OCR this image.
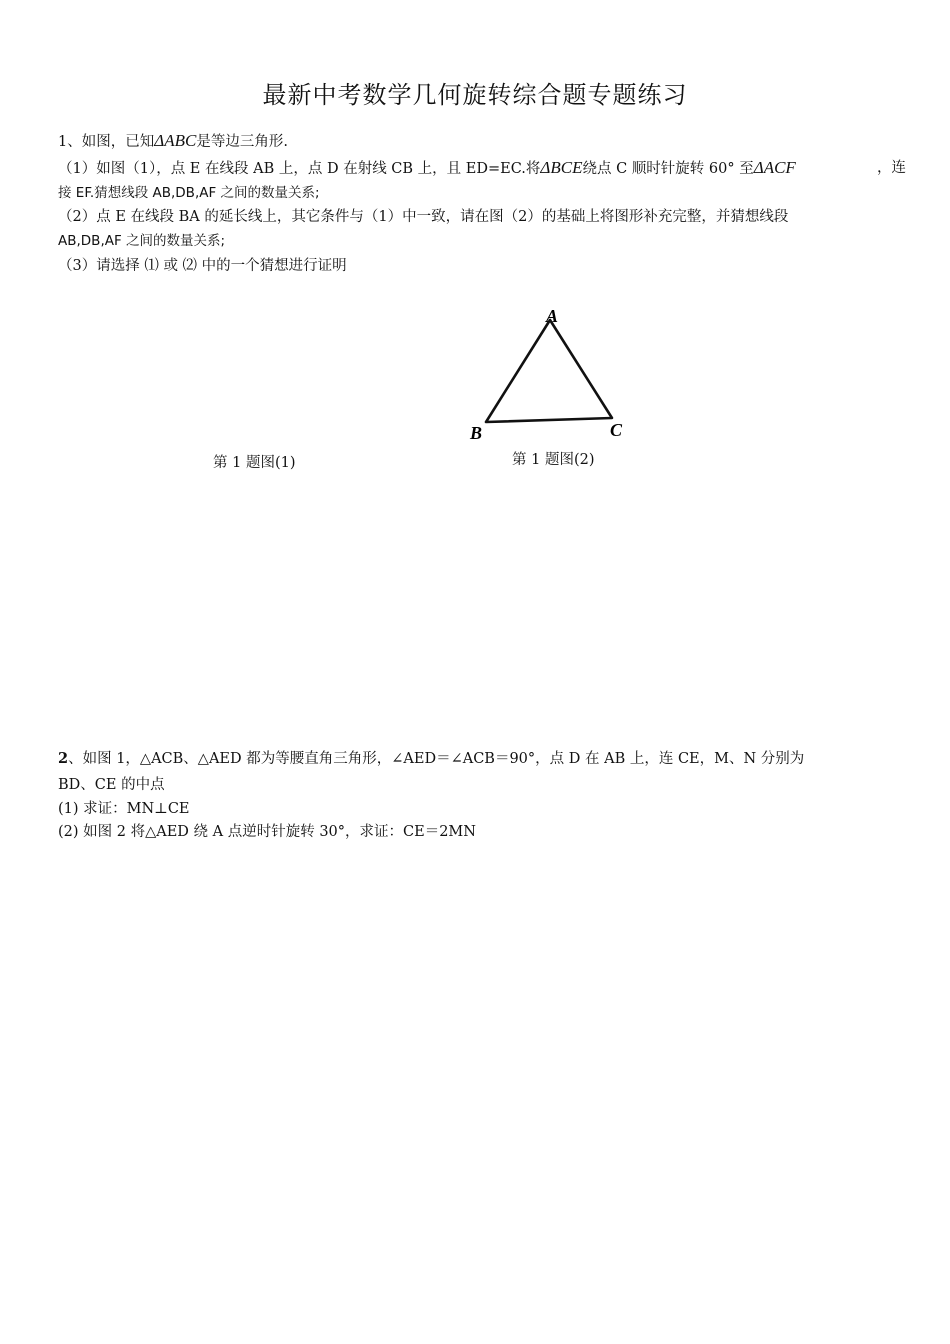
最新中考数学几何旋转综合题专题练习
1、如图，已知ΔABC是等边三角形.
（1）如图（1），点 E 在线段 AB 上，点 D 在射线 CB 上，且 ED=EC.将ΔBCE绕点 C 顺时针旋转 60° 至ΔACF	，连
接 EF.猜想线段 AB,DB,AF 之间的数量关系;
（2）点 E 在线段 BA 的延长线上，其它条件与（1）中一致，请在图（2）的基础上将图形补充完整，并猜想线段
AB,DB,AF 之间的数量关系;
（3）请选择 ⑴ 或 ⑵ 中的一个猜想进行证明
A
B	C
第 1 题图(1)	第 1 题图(2)
2、如图 1，△ACB、△AED 都为等腰直角三角形，∠AED＝∠ACB＝90°，点 D 在 AB 上，连 CE，M、N 分别为
BD、CE 的中点
(1) 求证：MN⊥CE
(2) 如图 2 将△AED 绕 A 点逆时针旋转 30°，求证：CE＝2MN
